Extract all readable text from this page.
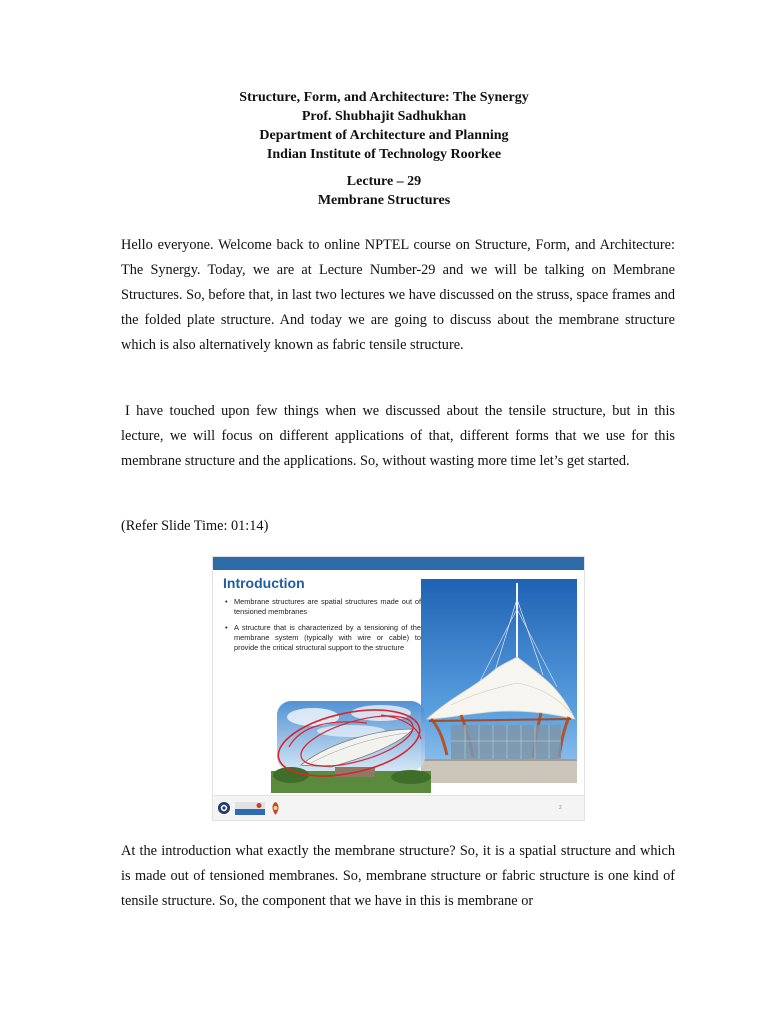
Structure, Form, and Architecture: The Synergy
Prof. Shubhajit Sadhukhan
Department of Architecture and Planning
Indian Institute of Technology Roorkee
Lecture – 29
Membrane Structures

Hello everyone. Welcome back to online NPTEL course on Structure, Form, and Architecture: The Synergy. Today, we are at Lecture Number-29 and we will be talking on Membrane Structures. So, before that, in last two lectures we have discussed on the struss, space frames and the folded plate structure. And today we are going to discuss about the membrane structure which is also alternatively known as fabric tensile structure.

I have touched upon few things when we discussed about the tensile structure, but in this lecture, we will focus on different applications of that, different forms that we use for this membrane structure and the applications. So, without wasting more time let’s get started.

(Refer Slide Time: 01:14)
Introduction
• Membrane structures are spatial structures made out of tensioned membranes
• A structure that is characterized by a tensioning of the membrane system (typically with wire or cable) to provide the critical structural support to the structure

2

At the introduction what exactly the membrane structure? So, it is a spatial structure and which is made out of tensioned membranes. So, membrane structure or fabric structure is one kind of tensile structure. So, the component that we have in this is membrane or
